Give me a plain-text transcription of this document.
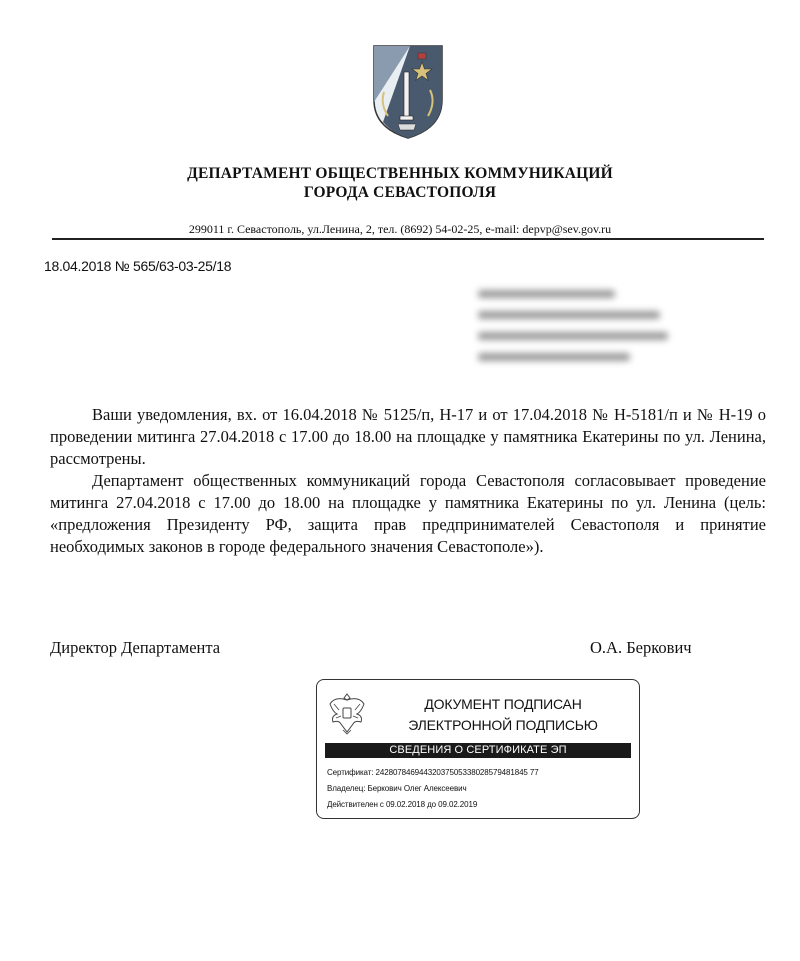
ДЕПАРТАМЕНТ ОБЩЕСТВЕННЫХ КОММУНИКАЦИЙ
ГОРОДА СЕВАСТОПОЛЯ
299011 г. Севастополь, ул.Ленина, 2, тел. (8692) 54-02-25, e-mail: depvp@sev.gov.ru
18.04.2018 № 565/63-03-25/18

Ваши уведомления, вх. от 16.04.2018 № 5125/п, Н-17 и от 17.04.2018 № Н-5181/п и № Н-19 о проведении митинга 27.04.2018 с 17.00 до 18.00 на площадке у памятника Екатерины по ул. Ленина, рассмотрены.

Департамент общественных коммуникаций города Севастополя согласовывает проведение митинга 27.04.2018 с 17.00 до 18.00 на площадке у памятника Екатерины по ул. Ленина (цель: «предложения Президенту РФ, защита прав предпринимателей Севастополя и принятие необходимых законов в городе федерального значения Севастополе»).

Директор Департамента	О.А. Беркович
ДОКУМЕНТ ПОДПИСАН
ЭЛЕКТРОННОЙ ПОДПИСЬЮ
СВЕДЕНИЯ О СЕРТИФИКАТЕ ЭП
Сертификат: 24280784694432037505338028579481845 77
Владелец: Беркович Олег Алексеевич
Действителен с 09.02.2018 до 09.02.2019
